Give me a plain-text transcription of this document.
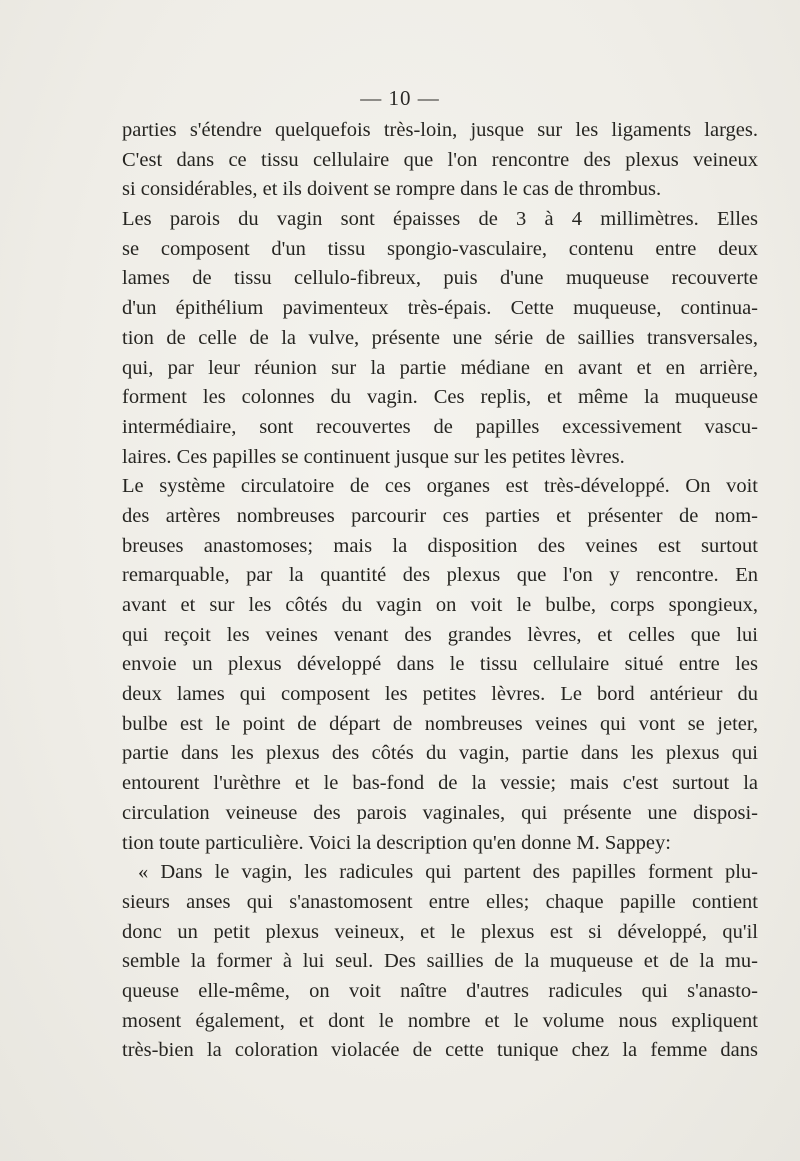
— 10 —
parties s'étendre quelquefois très-loin, jusque sur les ligaments larges.
C'est dans ce tissu cellulaire que l'on rencontre des plexus veineux
si considérables, et ils doivent se rompre dans le cas de thrombus.
Les parois du vagin sont épaisses de 3 à 4 millimètres. Elles
se composent d'un tissu spongio-vasculaire, contenu entre deux
lames de tissu cellulo-fibreux, puis d'une muqueuse recouverte
d'un épithélium pavimenteux très-épais. Cette muqueuse, continua-
tion de celle de la vulve, présente une série de saillies transversales,
qui, par leur réunion sur la partie médiane en avant et en arrière,
forment les colonnes du vagin. Ces replis, et même la muqueuse
intermédiaire, sont recouvertes de papilles excessivement vascu-
laires. Ces papilles se continuent jusque sur les petites lèvres.
Le système circulatoire de ces organes est très-développé. On voit
des artères nombreuses parcourir ces parties et présenter de nom-
breuses anastomoses; mais la disposition des veines est surtout
remarquable, par la quantité des plexus que l'on y rencontre. En
avant et sur les côtés du vagin on voit le bulbe, corps spongieux,
qui reçoit les veines venant des grandes lèvres, et celles que lui
envoie un plexus développé dans le tissu cellulaire situé entre les
deux lames qui composent les petites lèvres. Le bord antérieur du
bulbe est le point de départ de nombreuses veines qui vont se jeter,
partie dans les plexus des côtés du vagin, partie dans les plexus qui
entourent l'urèthre et le bas-fond de la vessie; mais c'est surtout la
circulation veineuse des parois vaginales, qui présente une disposi-
tion toute particulière. Voici la description qu'en donne M. Sappey:
« Dans le vagin, les radicules qui partent des papilles forment plu-
sieurs anses qui s'anastomosent entre elles; chaque papille contient
donc un petit plexus veineux, et le plexus est si développé, qu'il
semble la former à lui seul. Des saillies de la muqueuse et de la mu-
queuse elle-même, on voit naître d'autres radicules qui s'anasto-
mosent également, et dont le nombre et le volume nous expliquent
très-bien la coloration violacée de cette tunique chez la femme dans
